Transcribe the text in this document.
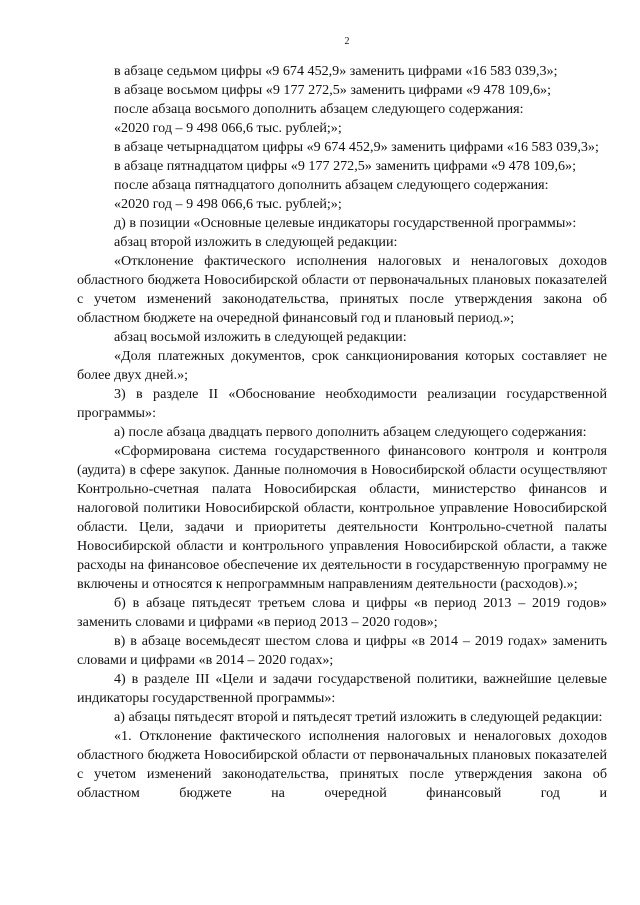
2

в абзаце седьмом цифры «9 674 452,9» заменить цифрами «16 583 039,3»;

в абзаце восьмом цифры «9 177 272,5» заменить цифрами «9 478 109,6»;

после абзаца восьмого дополнить абзацем следующего содержания:

«2020 год – 9 498 066,6 тыс. рублей;»;

в абзаце четырнадцатом цифры «9 674 452,9» заменить цифрами «16 583 039,3»;

в абзаце пятнадцатом цифры «9 177 272,5» заменить цифрами «9 478 109,6»;

после абзаца пятнадцатого дополнить абзацем следующего содержания:

«2020 год – 9 498 066,6 тыс. рублей;»;

д) в позиции «Основные целевые индикаторы государственной программы»:

абзац второй изложить в следующей редакции:

«Отклонение фактического исполнения налоговых и неналоговых доходов областного бюджета Новосибирской области от первоначальных плановых показателей с учетом изменений законодательства, принятых после утверждения закона об областном бюджете на очередной финансовый год и плановый период.»;

абзац восьмой изложить в следующей редакции:

«Доля платежных документов, срок санкционирования которых составляет не более двух дней.»;

3) в разделе II «Обоснование необходимости реализации государственной программы»:

а) после абзаца двадцать первого дополнить абзацем следующего содержания:

«Сформирована система государственного финансового контроля и контроля (аудита) в сфере закупок. Данные полномочия в Новосибирской области осуществляют Контрольно-счетная палата Новосибирская области, министерство финансов и налоговой политики Новосибирской области, контрольное управление Новосибирской области. Цели, задачи и приоритеты деятельности Контрольно-счетной палаты Новосибирской области и контрольного управления Новосибирской области, а также расходы на финансовое обеспечение их деятельности в государственную программу не включены и относятся к непрограммным направлениям деятельности (расходов).»;

б) в абзаце пятьдесят третьем слова и цифры «в период 2013 – 2019 годов» заменить словами и цифрами «в период 2013 – 2020 годов»;

в) в абзаце восемьдесят шестом слова и цифры «в 2014 – 2019 годах» заменить словами и цифрами «в 2014 – 2020 годах»;

4) в разделе III «Цели и задачи государственой политики, важнейшие целевые индикаторы государственной программы»:

а) абзацы пятьдесят второй и пятьдесят третий изложить в следующей редакции:

«1. Отклонение фактического исполнения налоговых и неналоговых доходов областного бюджета Новосибирской области от первоначальных плановых показателей с учетом изменений законодательства, принятых после утверждения закона об областном бюджете на очередной финансовый год и
